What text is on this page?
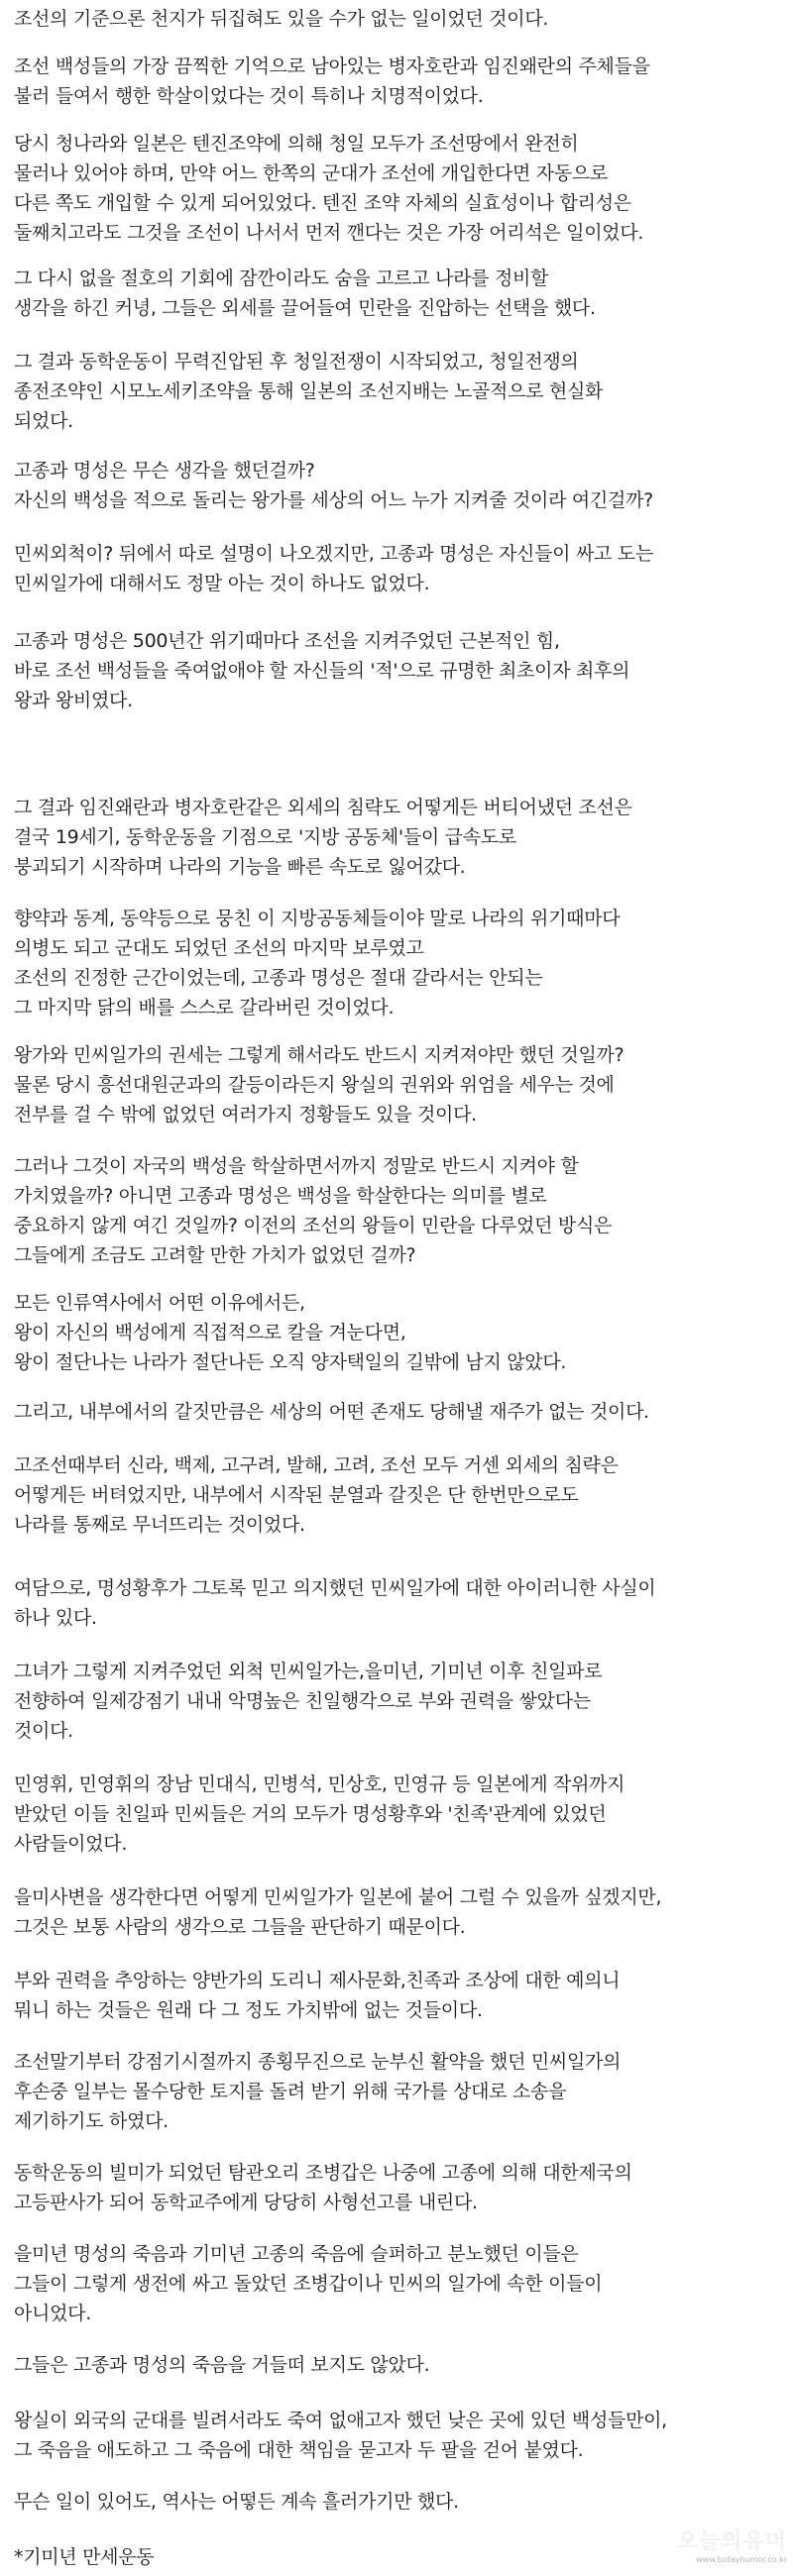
조선의 기준으론 천지가 뒤집혀도 있을 수가 없는 일이었던 것이다.

조선 백성들의 가장 끔찍한 기억으로 남아있는 병자호란과 임진왜란의 주체들을
불러 들여서 행한 학살이었다는 것이 특히나 치명적이었다.

당시 청나라와 일본은 텐진조약에 의해 청일 모두가 조선땅에서 완전히
물러나 있어야 하며, 만약 어느 한쪽의 군대가 조선에 개입한다면 자동으로
다른 쪽도 개입할 수 있게 되어있었다. 텐진 조약 자체의 실효성이나 합리성은
둘째치고라도 그것을 조선이 나서서 먼저 깬다는 것은 가장 어리석은 일이었다.

그 다시 없을 절호의 기회에 잠깐이라도 숨을 고르고 나라를 정비할
생각을 하긴 커녕, 그들은 외세를 끌어들여 민란을 진압하는 선택을 했다.

그 결과 동학운동이 무력진압된 후 청일전쟁이 시작되었고, 청일전쟁의
종전조약인 시모노세키조약을 통해 일본의 조선지배는 노골적으로 현실화
되었다.

고종과 명성은 무슨 생각을 했던걸까?
자신의 백성을 적으로 돌리는 왕가를 세상의 어느 누가 지켜줄 것이라 여긴걸까?

민씨외척이? 뒤에서 따로 설명이 나오겠지만, 고종과 명성은 자신들이 싸고 도는
민씨일가에 대해서도 정말 아는 것이 하나도 없었다.

고종과 명성은 500년간 위기때마다 조선을 지켜주었던 근본적인 힘,
바로 조선 백성들을 죽여없애야 할 자신들의 '적'으로 규명한 최초이자 최후의
왕과 왕비였다.

그 결과 임진왜란과 병자호란같은 외세의 침략도 어떻게든 버티어냈던 조선은
결국 19세기, 동학운동을 기점으로 '지방 공동체'들이 급속도로
붕괴되기 시작하며 나라의 기능을 빠른 속도로 잃어갔다.

향약과 동계, 동약등으로 뭉친 이 지방공동체들이야 말로 나라의 위기때마다
의병도 되고 군대도 되었던 조선의 마지막 보루였고
조선의 진정한 근간이었는데, 고종과 명성은 절대 갈라서는 안되는
그 마지막 닭의 배를 스스로 갈라버린 것이었다.

왕가와 민씨일가의 권세는 그렇게 해서라도 반드시 지켜져야만 했던 것일까?
물론 당시 흥선대원군과의 갈등이라든지 왕실의 권위와 위엄을 세우는 것에
전부를 걸 수 밖에 없었던 여러가지 정황들도 있을 것이다.

그러나 그것이 자국의 백성을 학살하면서까지 정말로 반드시 지켜야 할
가치였을까? 아니면 고종과 명성은 백성을 학살한다는 의미를 별로
중요하지 않게 여긴 것일까? 이전의 조선의 왕들이 민란을 다루었던 방식은
그들에게 조금도 고려할 만한 가치가 없었던 걸까?

모든 인류역사에서 어떤 이유에서든,
왕이 자신의 백성에게 직접적으로 칼을 겨눈다면,
왕이 절단나는 나라가 절단나든 오직 양자택일의 길밖에 남지 않았다.

그리고, 내부에서의 갈짓만큼은 세상의 어떤 존재도 당해낼 재주가 없는 것이다.

고조선때부터 신라, 백제, 고구려, 발해, 고려, 조선 모두 거센 외세의 침략은
어떻게든 버텨었지만, 내부에서 시작된 분열과 갈짓은 단 한번만으로도
나라를 통째로 무너뜨리는 것이었다.

여담으로, 명성황후가 그토록 믿고 의지했던 민씨일가에 대한 아이러니한 사실이
하나 있다.

그녀가 그렇게 지켜주었던 외척 민씨일가는,을미년, 기미년 이후 친일파로
전향하여 일제강점기 내내 악명높은 친일행각으로 부와 권력을 쌓았다는
것이다.

민영휘, 민영휘의 장남 민대식, 민병석, 민상호, 민영규 등 일본에게 작위까지
받았던 이들 친일파 민씨들은 거의 모두가 명성황후와 '친족'관계에 있었던
사람들이었다.

을미사변을 생각한다면 어떻게 민씨일가가 일본에 붙어 그럴 수 있을까 싶겠지만,
그것은 보통 사람의 생각으로 그들을 판단하기 때문이다.

부와 권력을 추앙하는 양반가의 도리니 제사문화,친족과 조상에 대한 예의니
뭐니 하는 것들은 원래 다 그 정도 가치밖에 없는 것들이다.

조선말기부터 강점기시절까지 종횡무진으로 눈부신 활약을 했던 민씨일가의
후손중 일부는 몰수당한 토지를 돌려 받기 위해 국가를 상대로 소송을
제기하기도 하였다.

동학운동의 빌미가 되었던 탐관오리 조병갑은 나중에 고종에 의해 대한제국의
고등판사가 되어 동학교주에게 당당히 사형선고를 내린다.

을미년 명성의 죽음과 기미년 고종의 죽음에 슬퍼하고 분노했던 이들은
그들이 그렇게 생전에 싸고 돌았던 조병갑이나 민씨의 일가에 속한 이들이
아니었다.

그들은 고종과 명성의 죽음을 거들떠 보지도 않았다.

왕실이 외국의 군대를 빌려서라도 죽여 없애고자 했던 낮은 곳에 있던 백성들만이,
그 죽음을 애도하고 그 죽음에 대한 책임을 묻고자 두 팔을 걷어 붙였다.

무슨 일이 있어도, 역사는 어떻든 계속 흘러가기만 했다.

*기미년 만세운동

오늘의유머
www.todayhumor.co.kr
